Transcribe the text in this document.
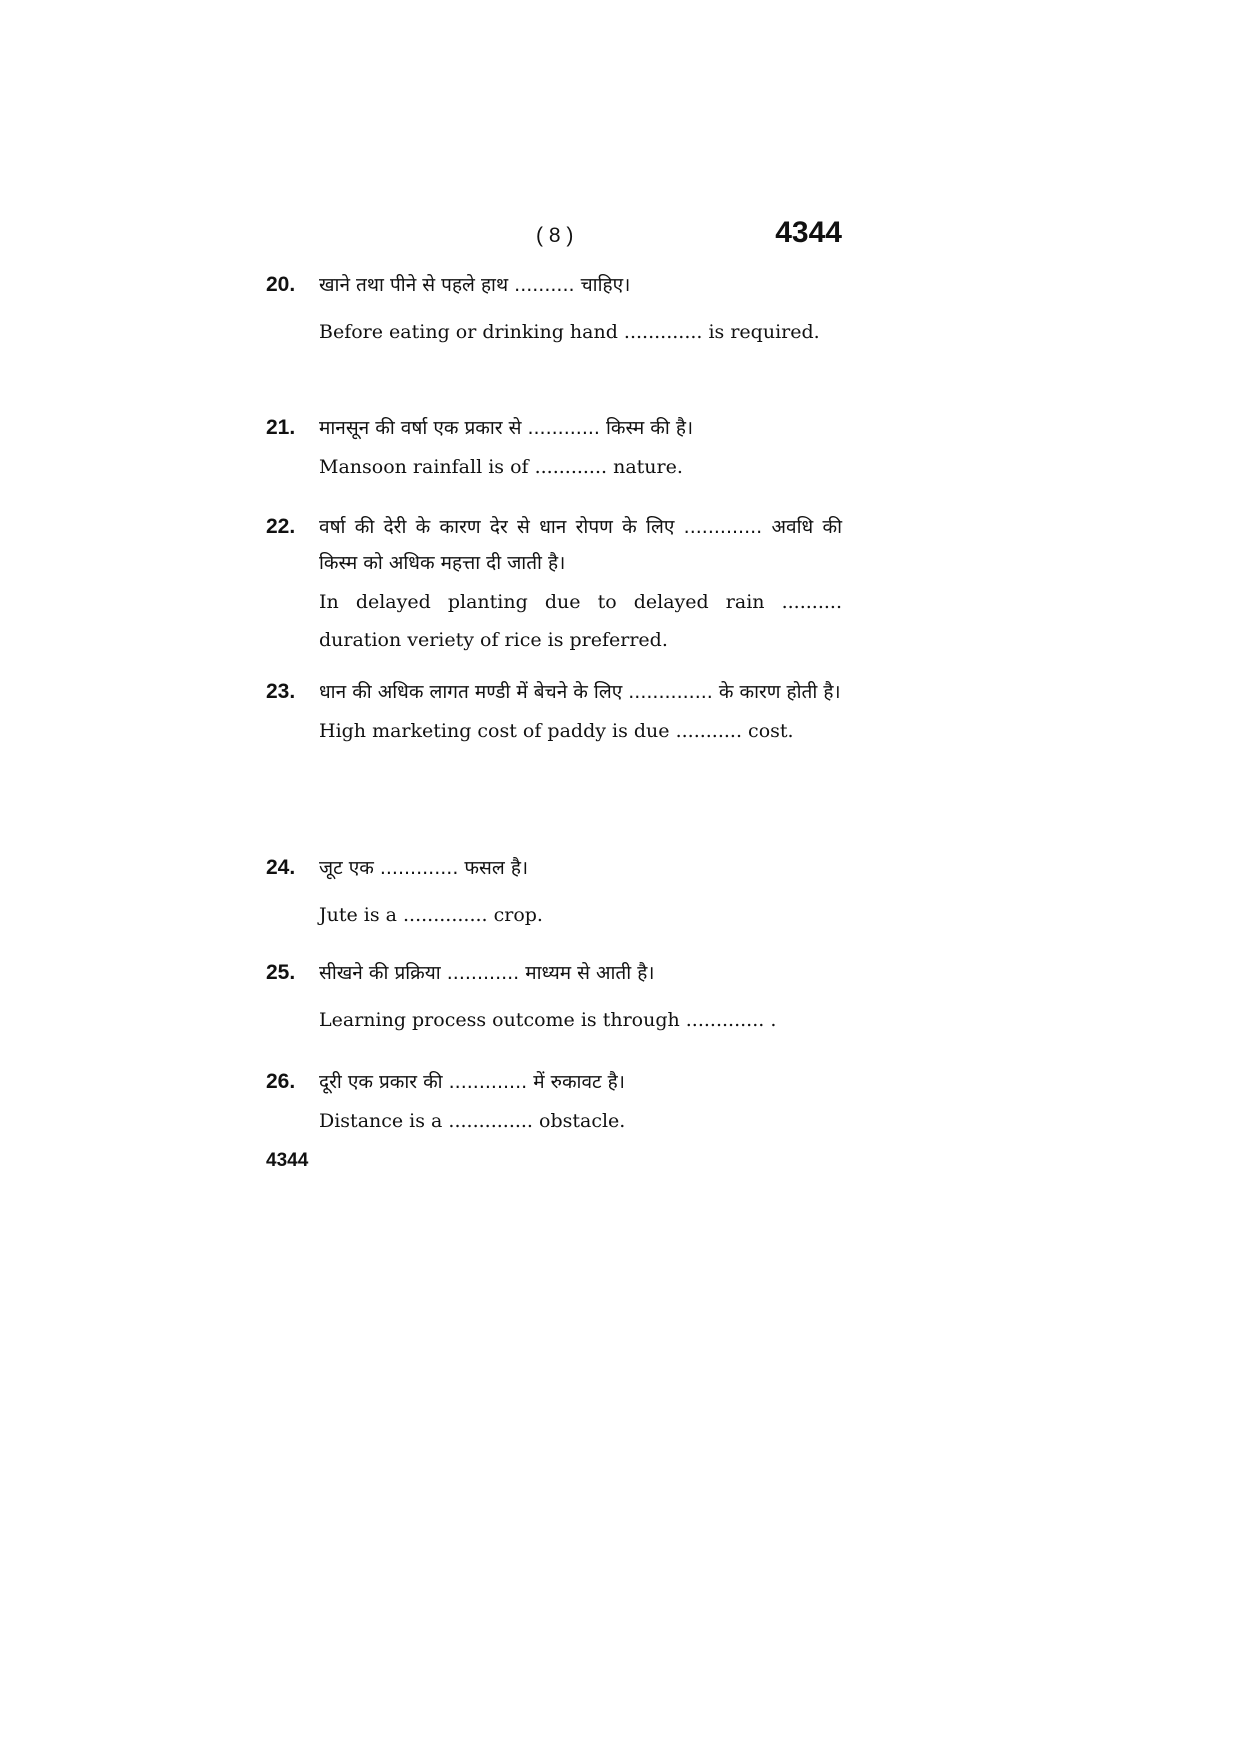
( 8 )	4344
20.	खाने तथा पीने से पहले हाथ .......... चाहिए।

Before eating or drinking hand ............. is required.

21.	मानसून की वर्षा एक प्रकार से ............ किस्म की है।

Mansoon rainfall is of ............ nature.

22.	वर्षा की देरी के कारण देर से धान रोपण के लिए ............. अवधि की किस्म को अधिक महत्ता दी जाती है।

In delayed planting due to delayed rain .......... duration veriety of rice is preferred.

23.	धान की अधिक लागत मण्डी में बेचने के लिए .............. के कारण होती है।

High marketing cost of paddy is due ........... cost.

24.	जूट एक ............. फसल है।

Jute is a .............. crop.

25.	सीखने की प्रक्रिया ............ माध्यम से आती है।

Learning process outcome is through ............. .

26.	दूरी एक प्रकार की ............. में रुकावट है।

Distance is a .............. obstacle.

4344
